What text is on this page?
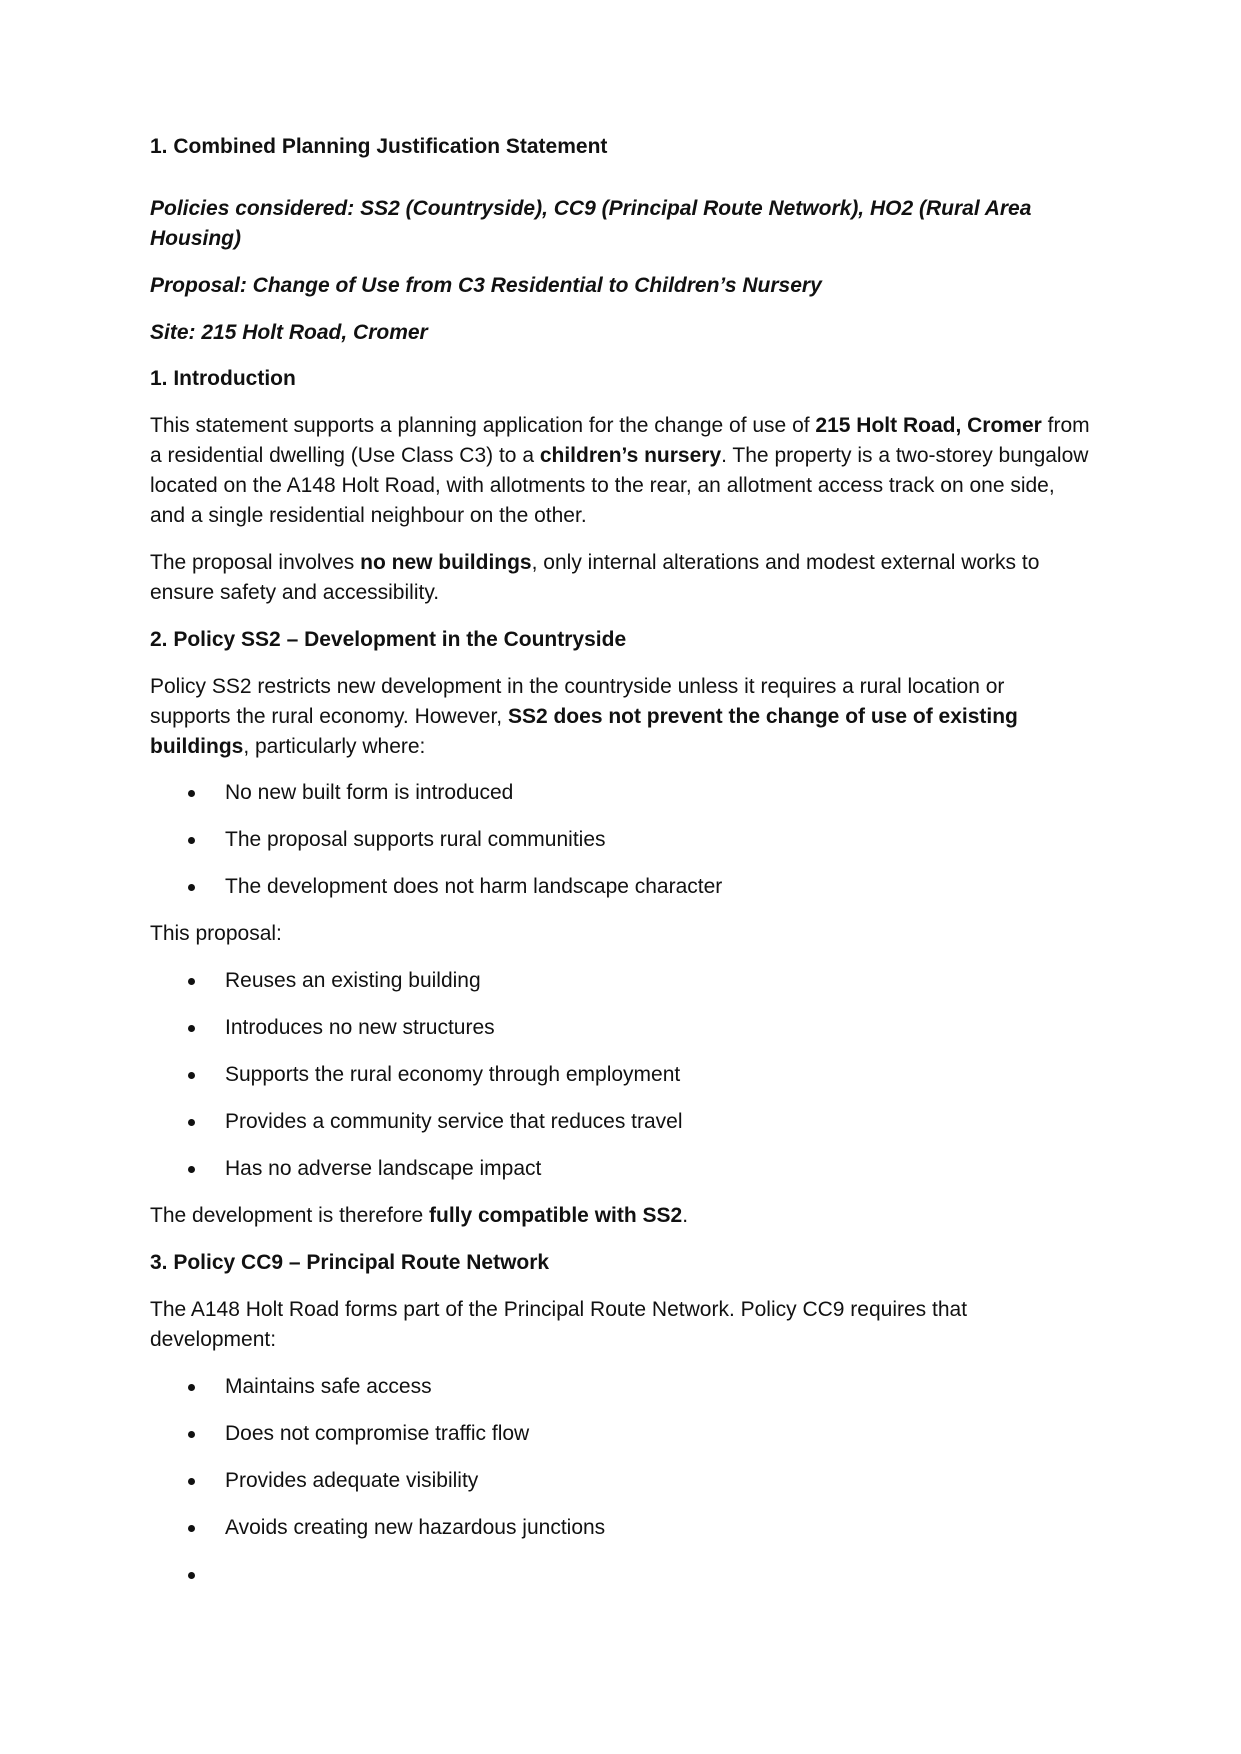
1. Combined Planning Justification Statement

Policies considered: SS2 (Countryside), CC9 (Principal Route Network), HO2 (Rural Area Housing)

Proposal: Change of Use from C3 Residential to Children’s Nursery

Site: 215 Holt Road, Cromer

1. Introduction

This statement supports a planning application for the change of use of 215 Holt Road, Cromer from a residential dwelling (Use Class C3) to a children’s nursery. The property is a two-storey bungalow located on the A148 Holt Road, with allotments to the rear, an allotment access track on one side, and a single residential neighbour on the other.

The proposal involves no new buildings, only internal alterations and modest external works to ensure safety and accessibility.

2. Policy SS2 – Development in the Countryside

Policy SS2 restricts new development in the countryside unless it requires a rural location or supports the rural economy. However, SS2 does not prevent the change of use of existing buildings, particularly where:

No new built form is introduced
The proposal supports rural communities
The development does not harm landscape character

This proposal:

Reuses an existing building
Introduces no new structures
Supports the rural economy through employment
Provides a community service that reduces travel
Has no adverse landscape impact

The development is therefore fully compatible with SS2.

3. Policy CC9 – Principal Route Network

The A148 Holt Road forms part of the Principal Route Network. Policy CC9 requires that development:

Maintains safe access
Does not compromise traffic flow
Provides adequate visibility
Avoids creating new hazardous junctions
